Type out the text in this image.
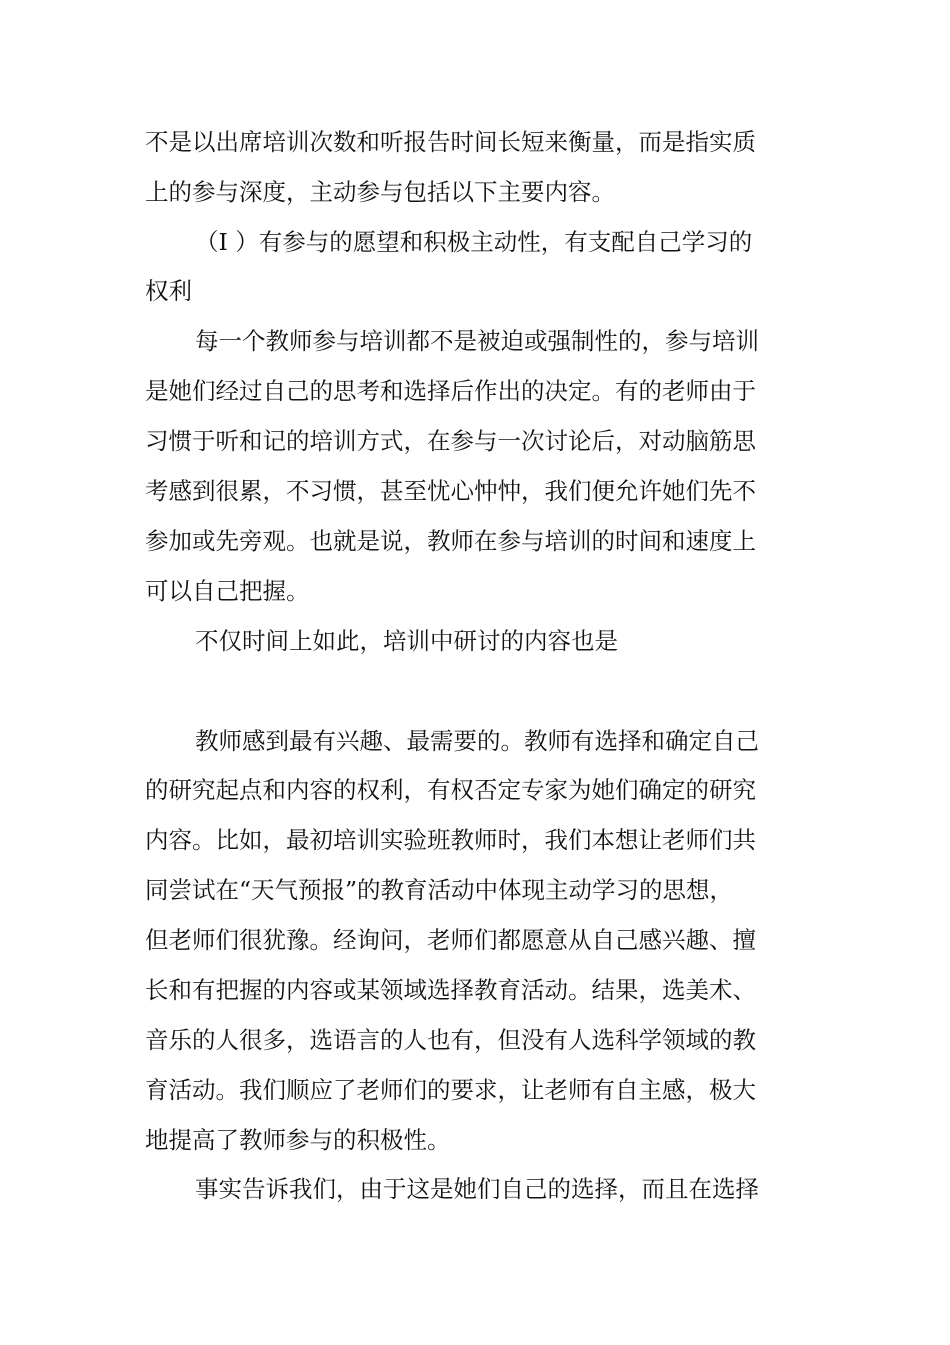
不是以出席培训次数和听报告时间长短来衡量，而是指实质
上的参与深度，主动参与包括以下主要内容。
（I ）有参与的愿望和积极主动性，有支配自己学习的
权利
每一个教师参与培训都不是被迫或强制性的，参与培训
是她们经过自己的思考和选择后作出的决定。有的老师由于
习惯于听和记的培训方式，在参与一次讨论后，对动脑筋思
考感到很累，不习惯，甚至忧心忡忡，我们便允许她们先不
参加或先旁观。也就是说，教师在参与培训的时间和速度上
可以自己把握。
不仅时间上如此，培训中研讨的内容也是
教师感到最有兴趣、最需要的。教师有选择和确定自己
的研究起点和内容的权利，有权否定专家为她们确定的研究
内容。比如，最初培训实验班教师时，我们本想让老师们共
同尝试在“天气预报”的教育活动中体现主动学习的思想，
但老师们很犹豫。经询问，老师们都愿意从自己感兴趣、擅
长和有把握的内容或某领域选择教育活动。结果，选美术、
音乐的人很多，选语言的人也有，但没有人选科学领域的教
育活动。我们顺应了老师们的要求，让老师有自主感，极大
地提高了教师参与的积极性。
事实告诉我们，由于这是她们自己的选择，而且在选择
